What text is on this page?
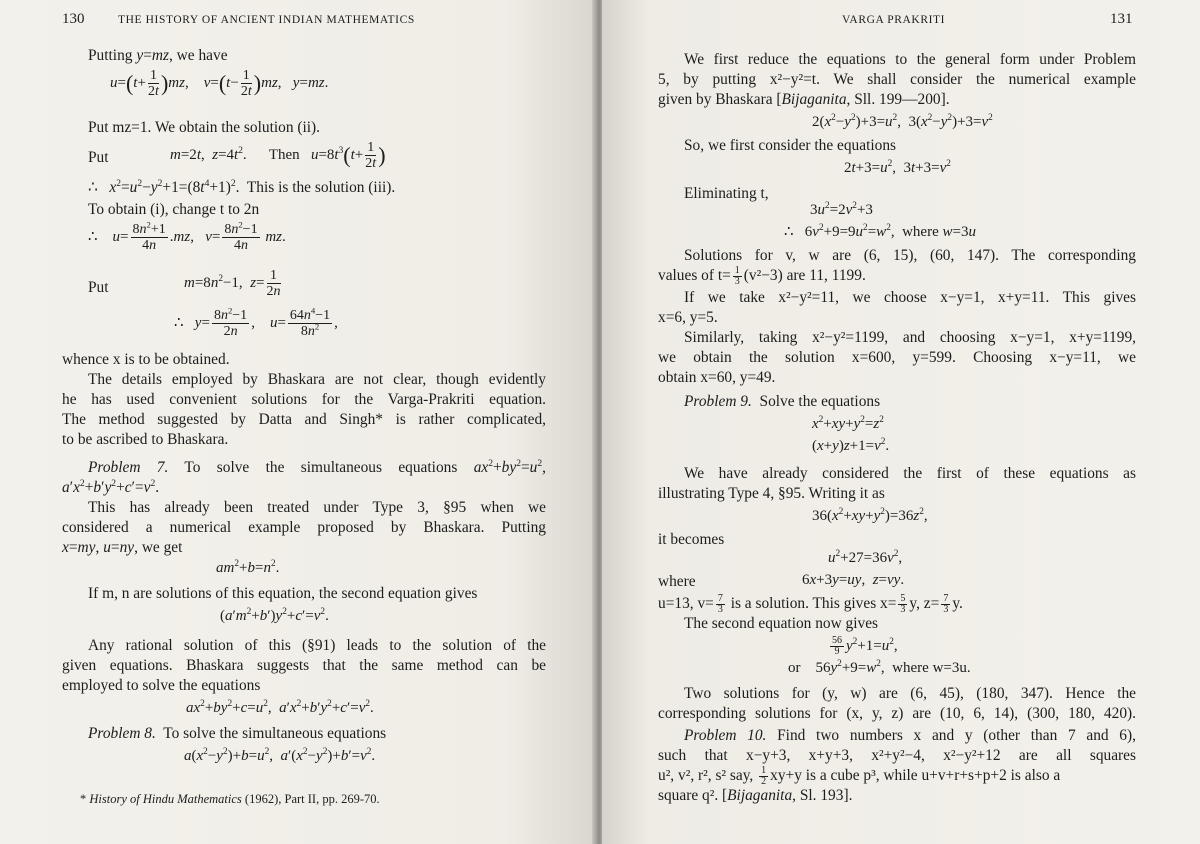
130	THE HISTORY OF ANCIENT INDIAN MATHEMATICS
Putting y=mz, we have
$u=(t+ \frac{1}{2t} )mz$,    $v=(t- \frac{1}{2t} )mz$,   y=mz.
Put mz=1. We obtain the solution (ii).
Put	m=2t,  $z=4t^2$.      Then $u=8t^3(t+ \frac{1}{2t}$ )
∴   $x^2=u^2-y^2+1=(8t^4+1)^2$.  This is the solution (iii).
To obtain (i), change t to 2n
∴    $u= \frac{8n^2+1}{4n} .mz$,   $v= \frac{8n^2-1}{4n}$ mz.
Put	$m=8n^2-1$,  $z= \frac{1}{2n}$
∴   $y= \frac{8n^2-1}{2n}$ ,    $u= \frac{64n^4-1}{8n^2}$ ,
whence x is to be obtained.
The details employed by Bhaskara are not clear, though evidently
he has used convenient solutions for the Varga-Prakriti equation.
The method suggested by Datta and Singh* is rather complicated,
to be ascribed to Bhaskara.
Problem 7. To solve the simultaneous equations $ax^2+by^2=u^2$,
$a'x^2+b'y^2+c'=v^2$.
This has already been treated under Type 3, §95 when we
considered a numerical example proposed by Bhaskara. Putting
x=my, u=ny, we get
$am^2+b=n^2$.
If m, n are solutions of this equation, the second equation gives
$(a'm^2+b')y^2+c'=v^2$.
Any rational solution of this (§91) leads to the solution of the
given equations. Bhaskara suggests that the same method can be
employed to solve the equations
$ax^2+by^2+c=u^2$,  $a'x^2+b'y^2+c'=v^2$.
Problem 8. To solve the simultaneous equations
$a(x^2-y^2)+b=u^2$,  $a'(x^2-y^2)+b'=v^2$.
* History of Hindu Mathematics (1962), Part II, pp. 269-70.
VARGA PRAKRITI	131
We first reduce the equations to the general form under Problem
5, by putting x²−y²=t. We shall consider the numerical example
given by Bhaskara [Bijaganita, Sll. 199—200].
$2(x^2-y^2)+3=u^2$,  $3(x^2-y^2)+3=v^2$
So, we first consider the equations
$2t+3=u^2$,  $3t+3=v^2$
Eliminating t,
$3u^2=2v^2+3$
∴   $6v^2+9=9u^2=w^2$,  where w=3u
Solutions for v, w are (6, 15), (60, 147). The corresponding
values of $t= \frac{1}{3} (v^2-3)$ are 11, 1199.
If we take x²−y²=11, we choose x−y=1, x+y=11. This gives
x=6, y=5.
Similarly, taking x²−y²=1199, and choosing x−y=1, x+y=1199,
we obtain the solution x=600, y=599. Choosing x−y=11, we
obtain x=60, y=49.
Problem 9. Solve the equations
$x^2+xy+y^2=z^2$
$(x+y)z+1=v^2$.
We have already considered the first of these equations as
illustrating Type 4, §95. Writing it as
$36(x^2+xy+y^2)=36z^2$,
it becomes
$u^2+27=36v^2$,
where	6x+3y=uy,  z=vy.
u=13, $v= \frac{7}{3}$ is a solution. This gives $x= \frac{5}{3} y$, $z= \frac{7}{3} y$.
The second equation now gives
$\frac{56}{9} y^2+1=u^2$,
or    $56y^2+9=w^2$,  where w=3u.
Two solutions for (y, w) are (6, 45), (180, 347). Hence the
corresponding solutions for (x, y, z) are (10, 6, 14), (300, 180, 420).
Problem 10. Find two numbers x and y (other than 7 and 6),
such that x−y+3, x+y+3, x²+y²−4, x²−y²+12 are all squares
u², v², r², s² say, $\frac{1}{2} xy+y$ is a cube p³, while u+v+r+s+p+2 is also a
square q². [Bijaganita, Sl. 193].
